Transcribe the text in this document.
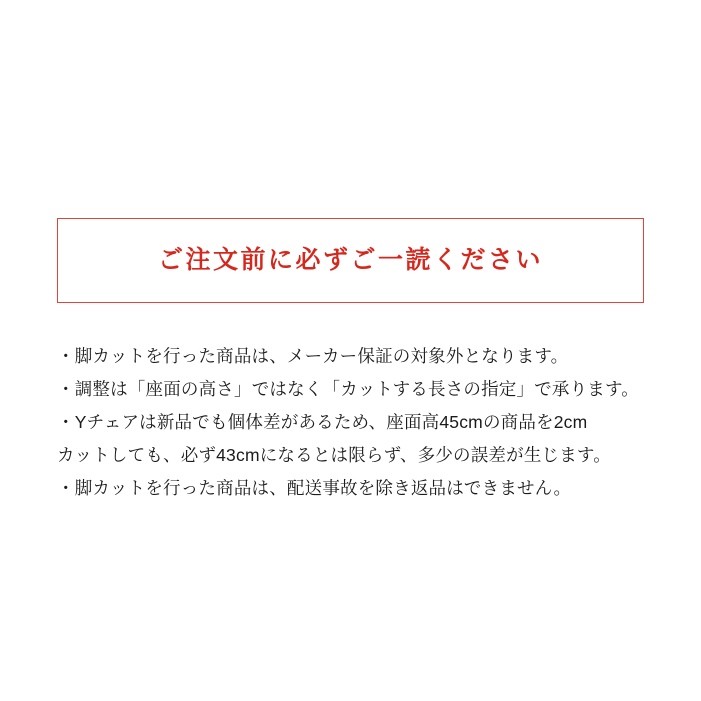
ご注文前に必ずご一読ください
・脚カットを行った商品は、メーカー保証の対象外となります。
・調整は「座面の高さ」ではなく「カットする長さの指定」で承ります。
・Yチェアは新品でも個体差があるため、座面高45cmの商品を2cm
カットしても、必ず43cmになるとは限らず、多少の誤差が生じます。
・脚カットを行った商品は、配送事故を除き返品はできません。
